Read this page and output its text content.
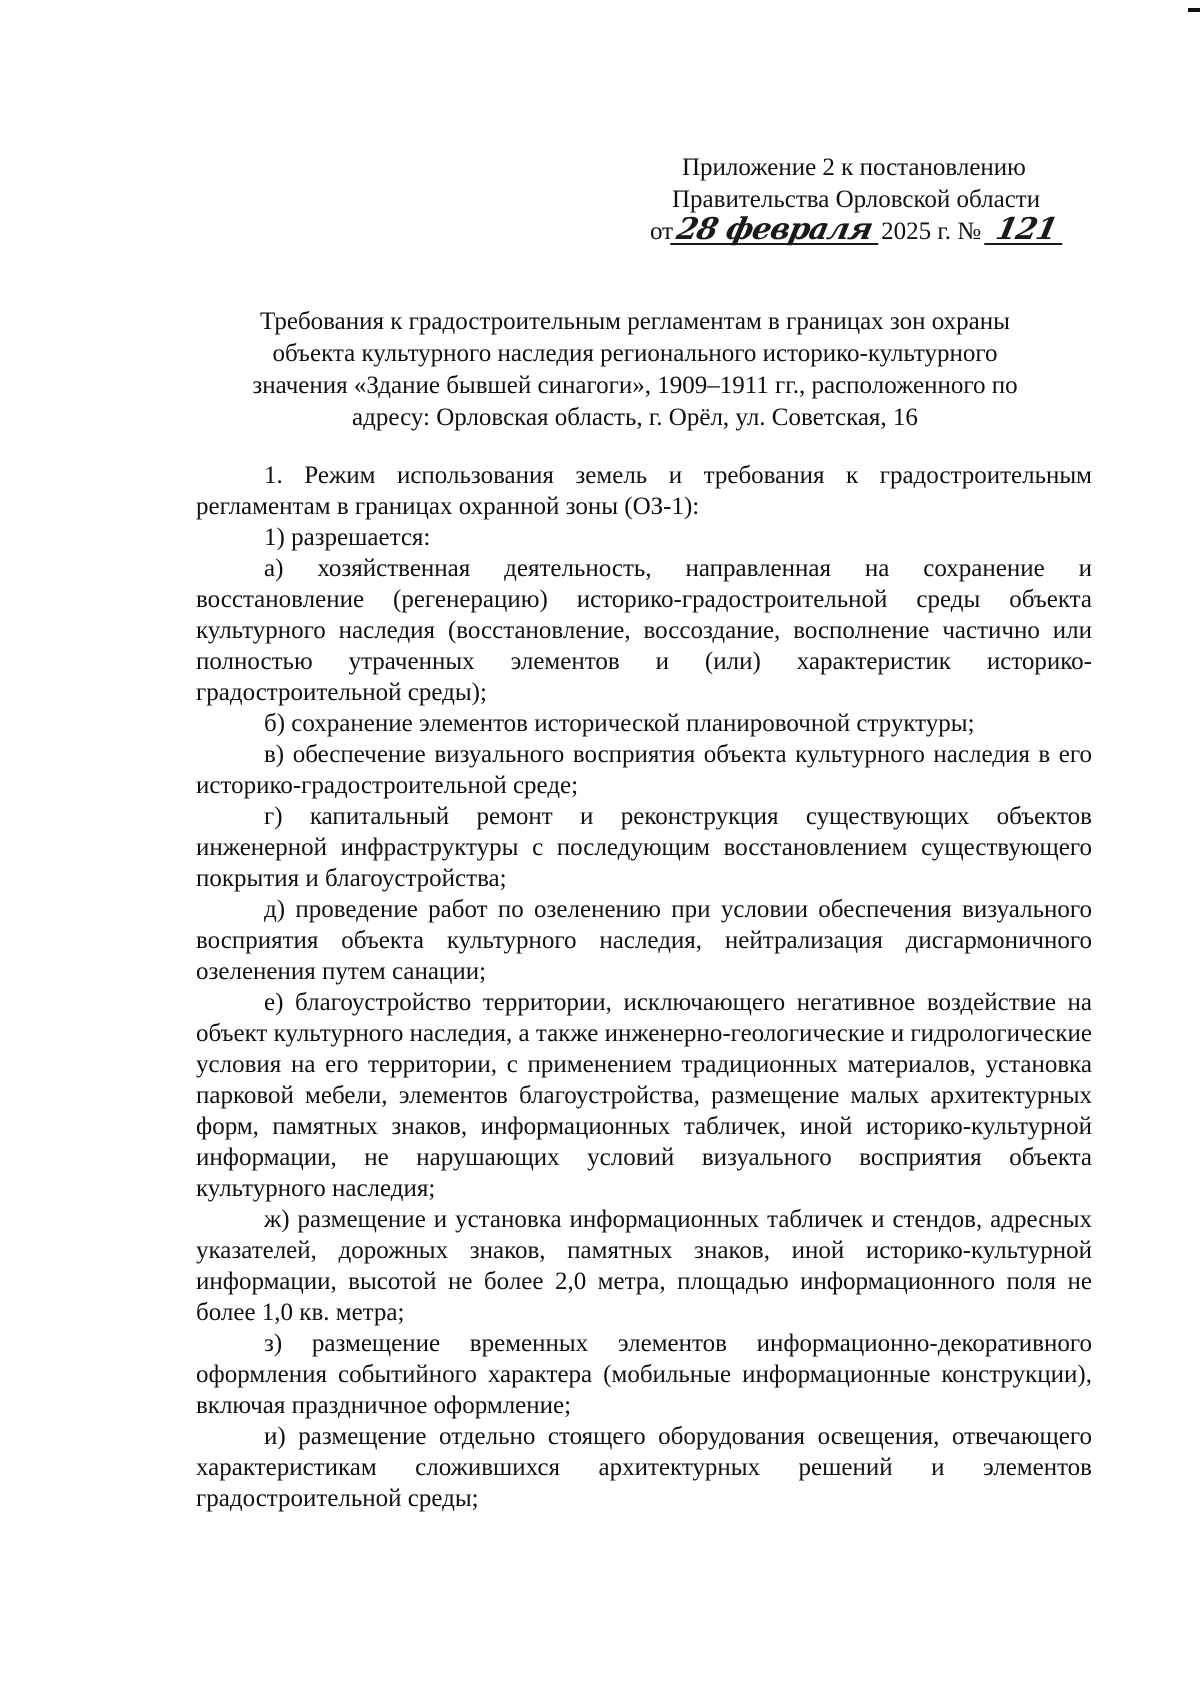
Приложение 2 к постановлению
Правительства Орловской области
от28 февраля 2025 г. № 121
Требования к градостроительным регламентам в границах зон охраны
объекта культурного наследия регионального историко-культурного
значения «Здание бывшей синагоги», 1909–1911 гг., расположенного по
адресу: Орловская область, г. Орёл, ул. Советская, 16

1. Режим использования земель и требования к градостроительным регламентам в границах охранной зоны (ОЗ-1):

1) разрешается:

а) хозяйственная деятельность, направленная на сохранение и восстановление (регенерацию) историко-градостроительной среды объекта культурного наследия (восстановление, воссоздание, восполнение частично или полностью утраченных элементов и (или) характеристик историко-градостроительной среды);

б) сохранение элементов исторической планировочной структуры;

в) обеспечение визуального восприятия объекта культурного наследия в его историко-градостроительной среде;

г) капитальный ремонт и реконструкция существующих объектов инженерной инфраструктуры с последующим восстановлением существующего покрытия и благоустройства;

д) проведение работ по озеленению при условии обеспечения визуального восприятия объекта культурного наследия, нейтрализация дисгармоничного озеленения путем санации;

е) благоустройство территории, исключающего негативное воздействие на объект культурного наследия, а также инженерно-геологические и гидрологические условия на его территории, с применением традиционных материалов, установка парковой мебели, элементов благоустройства, размещение малых архитектурных форм, памятных знаков, информационных табличек, иной историко-культурной информации, не нарушающих условий визуального восприятия объекта культурного наследия;

ж) размещение и установка информационных табличек и стендов, адресных указателей, дорожных знаков, памятных знаков, иной историко-культурной информации, высотой не более 2,0 метра, площадью информационного поля не более 1,0 кв. метра;

з) размещение временных элементов информационно-декоративного оформления событийного характера (мобильные информационные конструкции), включая праздничное оформление;

и) размещение отдельно стоящего оборудования освещения, отвечающего характеристикам сложившихся архитектурных решений и элементов градостроительной среды;
